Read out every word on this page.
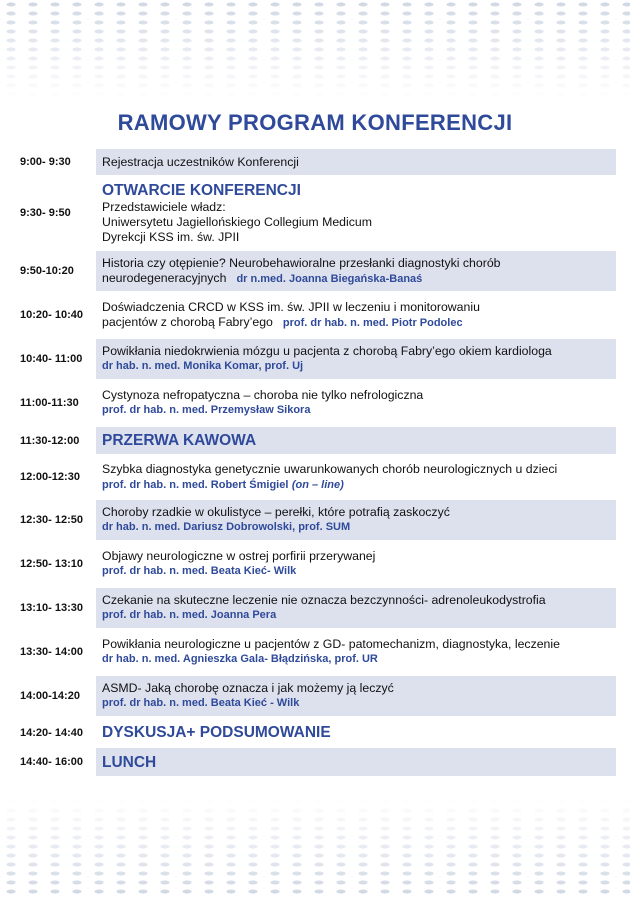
RAMOWY PROGRAM KONFERENCJI
9:00- 9:30	Rejestracja uczestników Konferencji
9:30- 9:50
OTWARCIE KONFERENCJI
Przedstawiciele władz:
Uniwersytetu Jagiellońskiego Collegium Medicum
Dyrekcji KSS im. św. JPII
9:50-10:20
Historia czy otępienie? Neurobehawioralne przesłanki diagnostyki chorób
neurodegeneracyjnych dr n.med. Joanna Biegańska-Banaś
10:20- 10:40
Doświadczenia CRCD w KSS im. św. JPII w leczeniu i monitorowaniu
pacjentów z chorobą Fabry’ego prof. dr hab. n. med. Piotr Podolec
10:40- 11:00
Powikłania niedokrwienia mózgu u pacjenta z chorobą Fabry’ego okiem kardiologa
dr hab. n. med. Monika Komar, prof. Uj
11:00-11:30
Cystynoza nefropatyczna – choroba nie tylko nefrologiczna
prof. dr hab. n. med. Przemysław Sikora
11:30-12:00	PRZERWA KAWOWA
12:00-12:30
Szybka diagnostyka genetycznie uwarunkowanych chorób neurologicznych u dzieci
prof. dr hab. n. med. Robert Śmigiel (on – line)
12:30- 12:50
Choroby rzadkie w okulistyce – perełki, które potrafią zaskoczyć
dr hab. n. med. Dariusz Dobrowolski, prof. SUM
12:50- 13:10
Objawy neurologiczne w ostrej porfirii przerywanej
prof. dr hab. n. med. Beata Kieć- Wilk
13:10- 13:30
Czekanie na skuteczne leczenie nie oznacza bezczynności- adrenoleukodystrofia
prof. dr hab. n. med. Joanna Pera
13:30- 14:00
Powikłania neurologiczne u pacjentów z GD- patomechanizm, diagnostyka, leczenie
dr hab. n. med. Agnieszka Gala- Błądzińska, prof. UR
14:00-14:20
ASMD- Jaką chorobę oznacza i jak możemy ją leczyć
prof. dr hab. n. med. Beata Kieć - Wilk
14:20- 14:40	DYSKUSJA+ PODSUMOWANIE
14:40- 16:00	LUNCH
